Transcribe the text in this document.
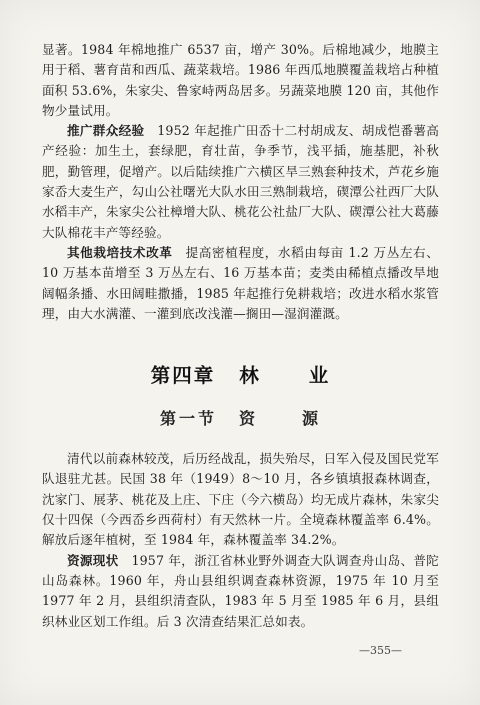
显著。1984 年棉地推广 6537 亩，增产 30%。后棉地减少，地膜主用于稻、薯育苗和西瓜、蔬菜栽培。1986 年西瓜地膜覆盖栽培占种植面积 53.6%，朱家尖、鲁家峙两岛居多。另蔬菜地膜 120 亩，其他作物少量试用。

推广群众经验　1952 年起推广田岙十二村胡成友、胡成恺番薯高产经验：加生土，套绿肥，育壮苗，争季节，浅平插，施基肥，补秋肥，勤管理，促增产。以后陆续推广六横区旱三熟套种技术，芦花乡施家岙大麦生产，勾山公社曙光大队水田三熟制栽培，碶潭公社西厂大队水稻丰产，朱家尖公社樟增大队、桃花公社盐厂大队、碶潭公社大葛藤大队棉花丰产等经验。

其他栽培技术改革　提高密植程度，水稻由每亩 1.2 万丛左右、10 万基本苗增至 3 万丛左右、16 万基本苗；麦类由稀植点播改旱地阔幅条播、水田阔畦撒播，1985 年起推行免耕栽培；改进水稻水浆管理，由大水满灌、一灌到底改浅灌—搁田—湿润灌溉。

第四章 林 业
第一节 资	源

清代以前森林较茂，后历经战乱，损失殆尽，日军入侵及国民党军队退驻尤甚。民国 38 年（1949）8～10 月，各乡镇填报森林调查，沈家门、展茅、桃花及上庄、下庄（今六横岛）均无成片森林，朱家尖仅十四保（今西岙乡西荷村）有天然林一片。全境森林覆盖率 6.4%。解放后逐年植树，至 1984 年，森林覆盖率 34.2%。

资源现状　1957 年，浙江省林业野外调查大队调查舟山岛、普陀山岛森林。1960 年，舟山县组织调查森林资源，1975 年 10 月至 1977 年 2 月，县组织清查队，1983 年 5 月至 1985 年 6 月，县组织林业区划工作组。后 3 次清查结果汇总如表。

—355—
